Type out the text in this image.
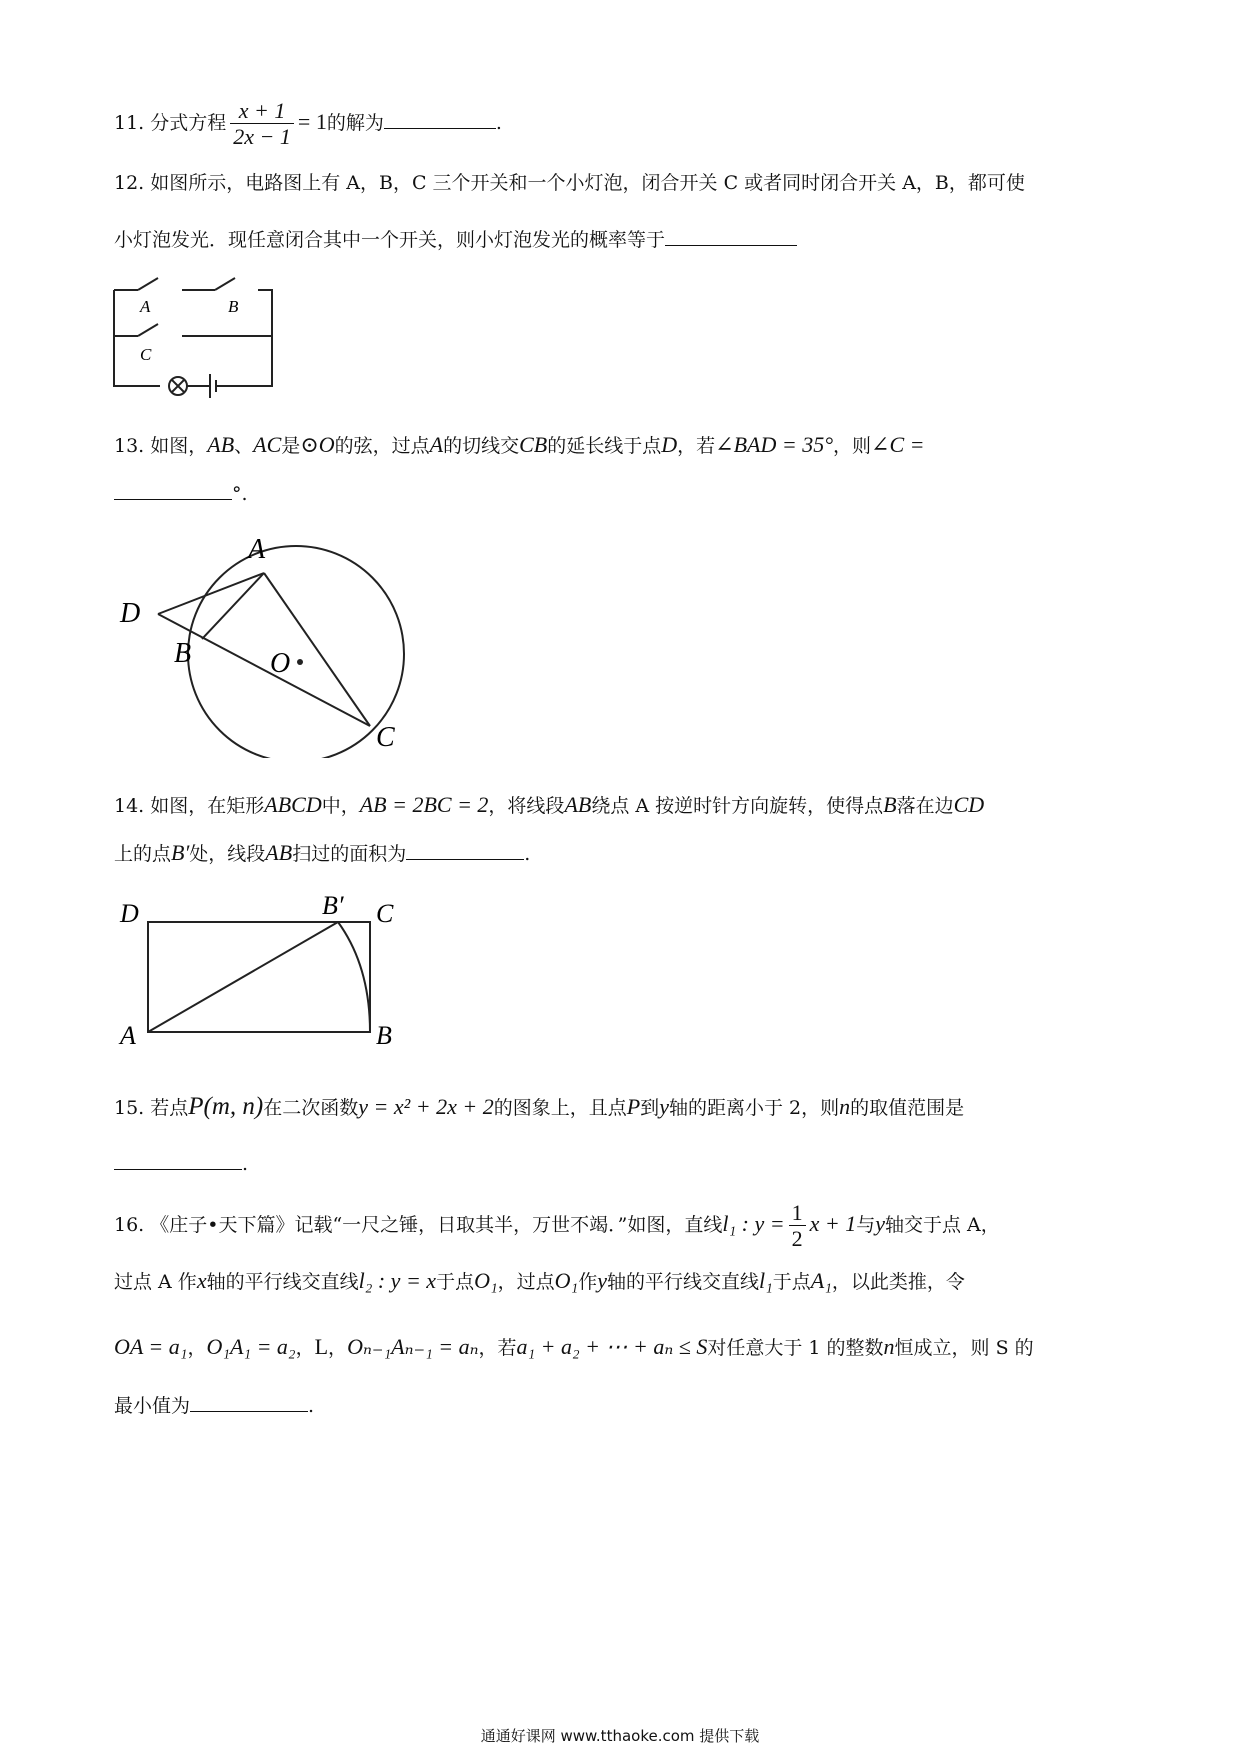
11. 分式方程 $\frac{x + 1}{2x - 1} = 1$的解为	.
12. 如图所示，电路图上有 A，B，C 三个开关和一个小灯泡，闭合开关 C 或者同时闭合开关 A，B，都可使
小灯泡发光．现任意闭合其中一个开关，则小灯泡发光的概率等于
A	B
C
13. 如图，AB、AC是⊙O的弦，过点A的切线交CB的延长线于点D，若∠BAD = 35°，则∠C =
°.
A
D
B	O
C
14. 如图，在矩形ABCD中，AB = 2BC = 2，将线段AB绕点 A 按逆时针方向旋转，使得点B落在边CD
上的点B′处，线段AB扫过的面积为	.
D	B′ C
A	B
15. 若点P(m, n)在二次函数y = x² + 2x + 2的图象上，且点P到y轴的距离小于 2，则n的取值范围是
.
16. 《庄子•天下篇》记载“一尺之锤，日取其半，万世不竭．”如图，直线l₁ : $y = \frac{1}{2}$ x + 1与y轴交于点 A，
过点 A 作x轴的平行线交直线l₂ : y = x于点O₁，过点O₁作y轴的平行线交直线l₁于点A₁，以此类推，令
OA = a₁，O₁A₁ = a₂，L，Oₙ₋₁Aₙ₋₁ = aₙ，若a₁ + a₂ + ⋯ + aₙ ≤ S对任意大于 1 的整数n恒成立，则 S 的
最小值为	.
通通好课网 www.tthaoke.com 提供下载
